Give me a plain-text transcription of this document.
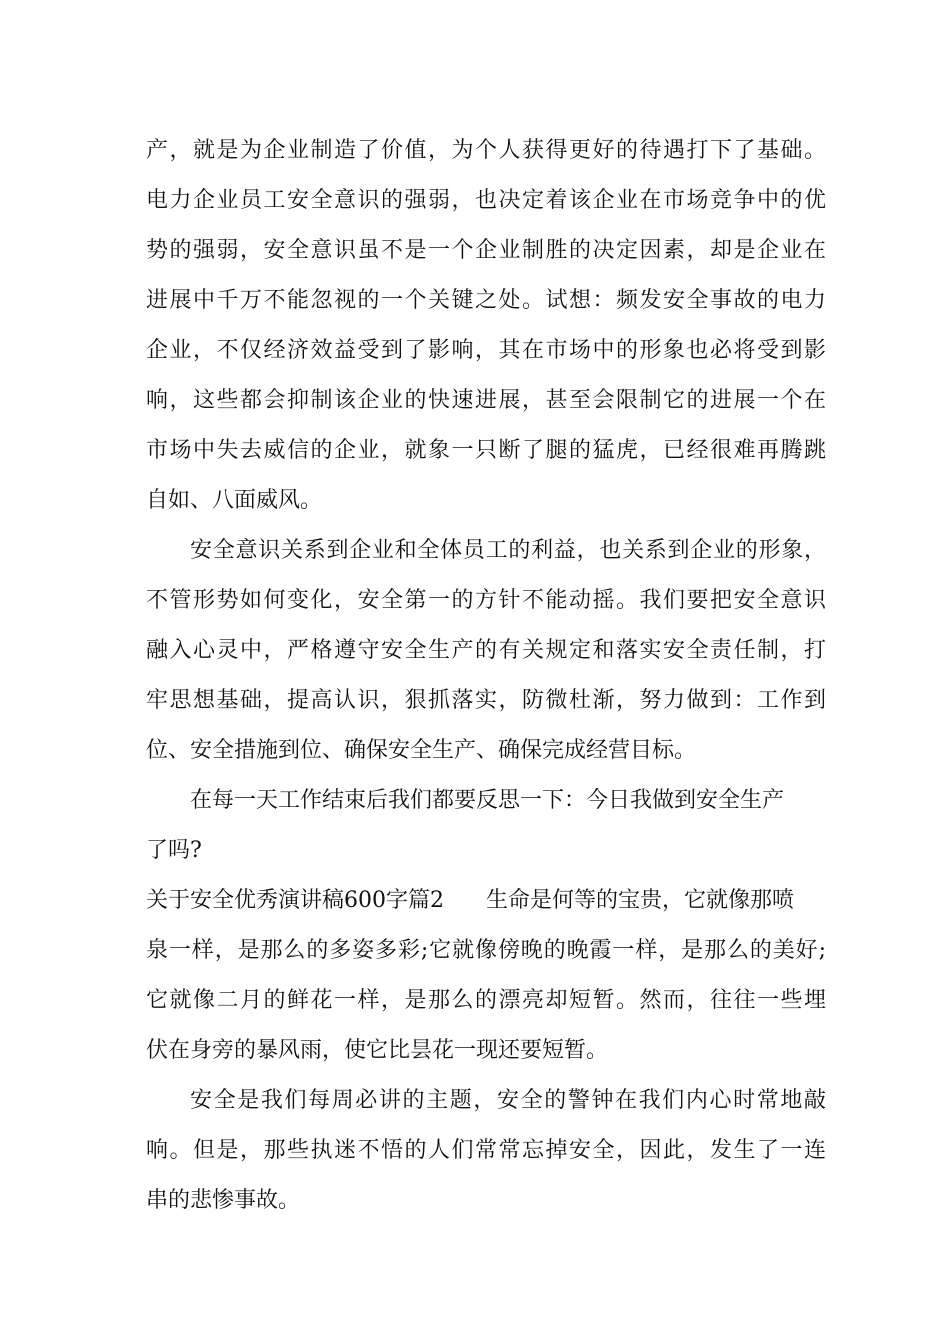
产，就是为企业制造了价值，为个人获得更好的待遇打下了基础。
电力企业员工安全意识的强弱，也决定着该企业在市场竞争中的优
势的强弱，安全意识虽不是一个企业制胜的决定因素，却是企业在
进展中千万不能忽视的一个关键之处。试想：频发安全事故的电力
企业，不仅经济效益受到了影响，其在市场中的形象也必将受到影
响，这些都会抑制该企业的快速进展，甚至会限制它的进展一个在
市场中失去威信的企业，就象一只断了腿的猛虎，已经很难再腾跳
自如、八面威风。
安全意识关系到企业和全体员工的利益，也关系到企业的形象，
不管形势如何变化，安全第一的方针不能动摇。我们要把安全意识
融入心灵中，严格遵守安全生产的有关规定和落实安全责任制，打
牢思想基础，提高认识，狠抓落实，防微杜渐，努力做到：工作到
位、安全措施到位、确保安全生产、确保完成经营目标。
在每一天工作结束后我们都要反思一下：今日我做到安全生产
了吗?
关于安全优秀演讲稿600字篇2 生命是何等的宝贵，它就像那喷
泉一样，是那么的多姿多彩;它就像傍晚的晚霞一样，是那么的美好;
它就像二月的鲜花一样，是那么的漂亮却短暂。然而，往往一些埋
伏在身旁的暴风雨，使它比昙花一现还要短暂。
安全是我们每周必讲的主题，安全的警钟在我们内心时常地敲
响。但是，那些执迷不悟的人们常常忘掉安全，因此，发生了一连
串的悲惨事故。
